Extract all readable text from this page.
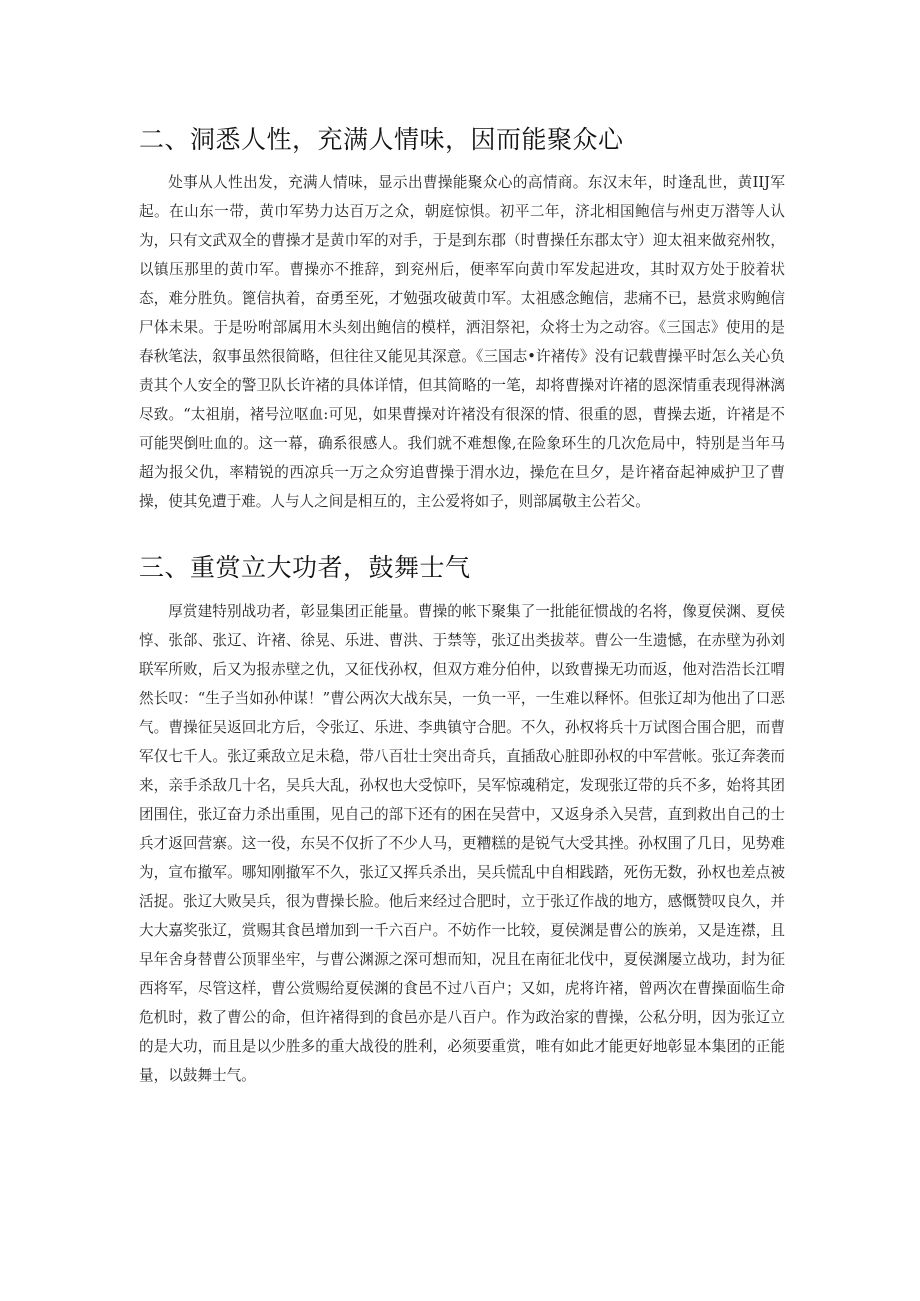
二、洞悉人性，充满人情味，因而能聚众心

处事从人性出发，充满人情味，显示出曹操能聚众心的高情商。东汉末年，时逢乱世，黄IIJ军起。在山东一带，黄巾军势力达百万之众，朝庭惊惧。初平二年，济北相国鲍信与州吏万潜等人认为，只有文武双全的曹操才是黄巾军的对手，于是到东郡（时曹操任东郡太守）迎太祖来做兖州牧，以镇压那里的黄巾军。曹操亦不推辞，到兖州后，便率军向黄巾军发起进攻，其时双方处于胶着状态，难分胜负。篦信执着，奋勇至死，才勉强攻破黄巾军。太祖感念鲍信，悲痛不已，悬赏求购鲍信尸体未果。于是吩咐部属用木头刻出鲍信的模样，洒泪祭祀，众将士为之动容。《三国志》使用的是春秋笔法，叙事虽然很简略，但往往又能见其深意。《三国志•许褚传》没有记载曹操平时怎么关心负责其个人安全的警卫队长许褚的具体详情，但其简略的一笔，却将曹操对许褚的恩深情重表现得淋漓尽致。“太祖崩，褚号泣呕血:可见，如果曹操对许褚没有很深的情、很重的恩，曹操去逝，许褚是不可能哭倒吐血的。这一幕，确系很感人。我们就不难想像,在险象环生的几次危局中，特别是当年马超为报父仇，率精锐的西凉兵一万之众穷追曹操于渭水边，操危在旦夕，是许褚奋起神威护卫了曹操，使其免遭于难。人与人之间是相互的，主公爱将如子，则部属敬主公若父。

三、重赏立大功者，鼓舞士气

厚赏建特别战功者，彰显集团正能量。曹操的帐下聚集了一批能征惯战的名将，像夏侯渊、夏侯惇、张郃、张辽、许褚、徐晃、乐进、曹洪、于禁等，张辽出类拔萃。曹公一生遗憾，在赤壁为孙刘联军所败，后又为报赤壁之仇，又征伐孙权，但双方难分伯仲，以致曹操无功而返，他对浩浩长江喟然长叹：“生子当如孙仲谋！”曹公两次大战东吴，一负一平，一生难以释怀。但张辽却为他出了口恶气。曹操征吴返回北方后，令张辽、乐进、李典镇守合肥。不久，孙权将兵十万试图合围合肥，而曹军仅七千人。张辽乘敌立足未稳，带八百壮士突出奇兵，直插敌心脏即孙权的中军营帐。张辽奔袭而来，亲手杀敌几十名，吴兵大乱，孙权也大受惊吓，吴军惊魂稍定，发现张辽带的兵不多，始将其团团围住，张辽奋力杀出重围，见自己的部下还有的困在吴营中，又返身杀入吴营，直到救出自己的士兵才返回营寨。这一役，东吴不仅折了不少人马，更糟糕的是锐气大受其挫。孙权围了几日，见势难为，宣布撤军。哪知刚撤军不久，张辽又挥兵杀出，吴兵慌乱中自相践踏，死伤无数，孙权也差点被活捉。张辽大败吴兵，很为曹操长脸。他后来经过合肥时，立于张辽作战的地方，感慨赞叹良久，并大大嘉奖张辽，赏赐其食邑增加到一千六百户。不妨作一比较，夏侯渊是曹公的族弟，又是连襟，且早年舍身替曹公顶罪坐牢，与曹公渊源之深可想而知，况且在南征北伐中，夏侯渊屡立战功，封为征西将军，尽管这样，曹公赏赐给夏侯渊的食邑不过八百户；又如，虎将许褚，曾两次在曹操面临生命危机时，救了曹公的命，但许褚得到的食邑亦是八百户。作为政治家的曹操，公私分明，因为张辽立的是大功，而且是以少胜多的重大战役的胜利，必须要重赏，唯有如此才能更好地彰显本集团的正能量，以鼓舞士气。
